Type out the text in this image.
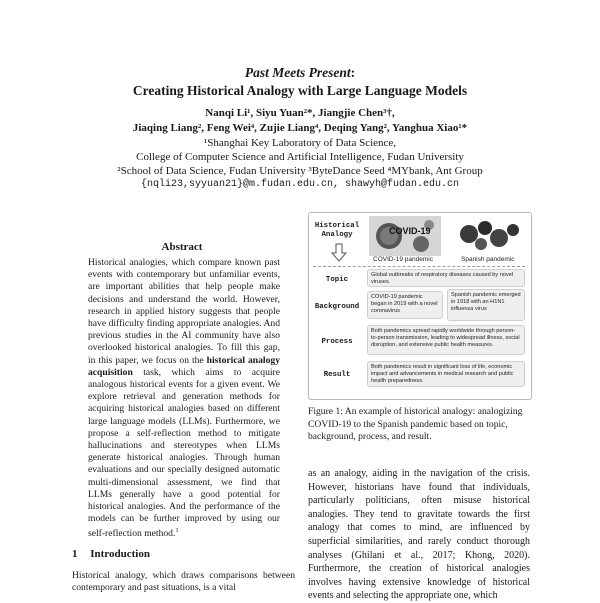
Past Meets Present:
Creating Historical Analogy with Large Language Models
Nanqi Li¹, Siyu Yuan²*, Jiangjie Chen³†,
Jiaqing Liang², Feng Wei⁴, Zujie Liang⁴, Deqing Yang², Yanghua Xiao¹*
¹Shanghai Key Laboratory of Data Science,
College of Computer Science and Artificial Intelligence, Fudan University
²School of Data Science, Fudan University ³ByteDance Seed ⁴MYbank, Ant Group
{nqli23,syyuan21}@m.fudan.edu.cn, shawyh@fudan.edu.cn
Abstract

Historical analogies, which compare known past events with contemporary but unfamiliar events, are important abilities that help people make decisions and understand the world. However, research in applied history suggests that people have difficulty finding appropriate analogies. And previous studies in the AI community have also overlooked historical analogies. To fill this gap, in this paper, we focus on the historical analogy acquisition task, which aims to acquire analogous historical events for a given event. We explore retrieval and generation methods for acquiring historical analogies based on different large language models (LLMs). Furthermore, we propose a self-reflection method to mitigate hallucinations and stereotypes when LLMs generate historical analogies. Through human evaluations and our specially designed automatic multi-dimensional assessment, we find that LLMs generally have a good potential for historical analogies. And the performance of the models can be further improved by using our self-reflection method.$^1$

1 Introduction
Historical analogy, which draws comparisons between contemporary and past situations, is a vital
Historical Analogy	COVID-19
COVID-19 pandemic	Spanish pandemic
Topic
Global outbreaks of respiratory diseases caused by novel viruses.
Background
COVID-19 pandemic began in 2019 with a novel coronavirus
Spanish pandemic emerged in 1918 with an H1N1 influenza virus
Process
Both pandemics spread rapidly worldwide through person-to-person transmission, leading to widespread illness, social disruption, and extensive public health measures.
Result
Both pandemics result in significant loss of life, economic impact and advancements in medical research and public health preparedness.
Figure 1: An example of historical analogy: analogizing COVID-19 to the Spanish pandemic based on topic, background, process, and result.
as an analogy, aiding in the navigation of the crisis. However, historians have found that individuals, particularly politicians, often misuse historical analogies. They tend to gravitate towards the first analogy that comes to mind, are influenced by superficial similarities, and rarely conduct thorough analyses (Ghilani et al., 2017; Khong, 2020). Furthermore, the creation of historical analogies involves having extensive knowledge of historical events and selecting the appropriate one, which
